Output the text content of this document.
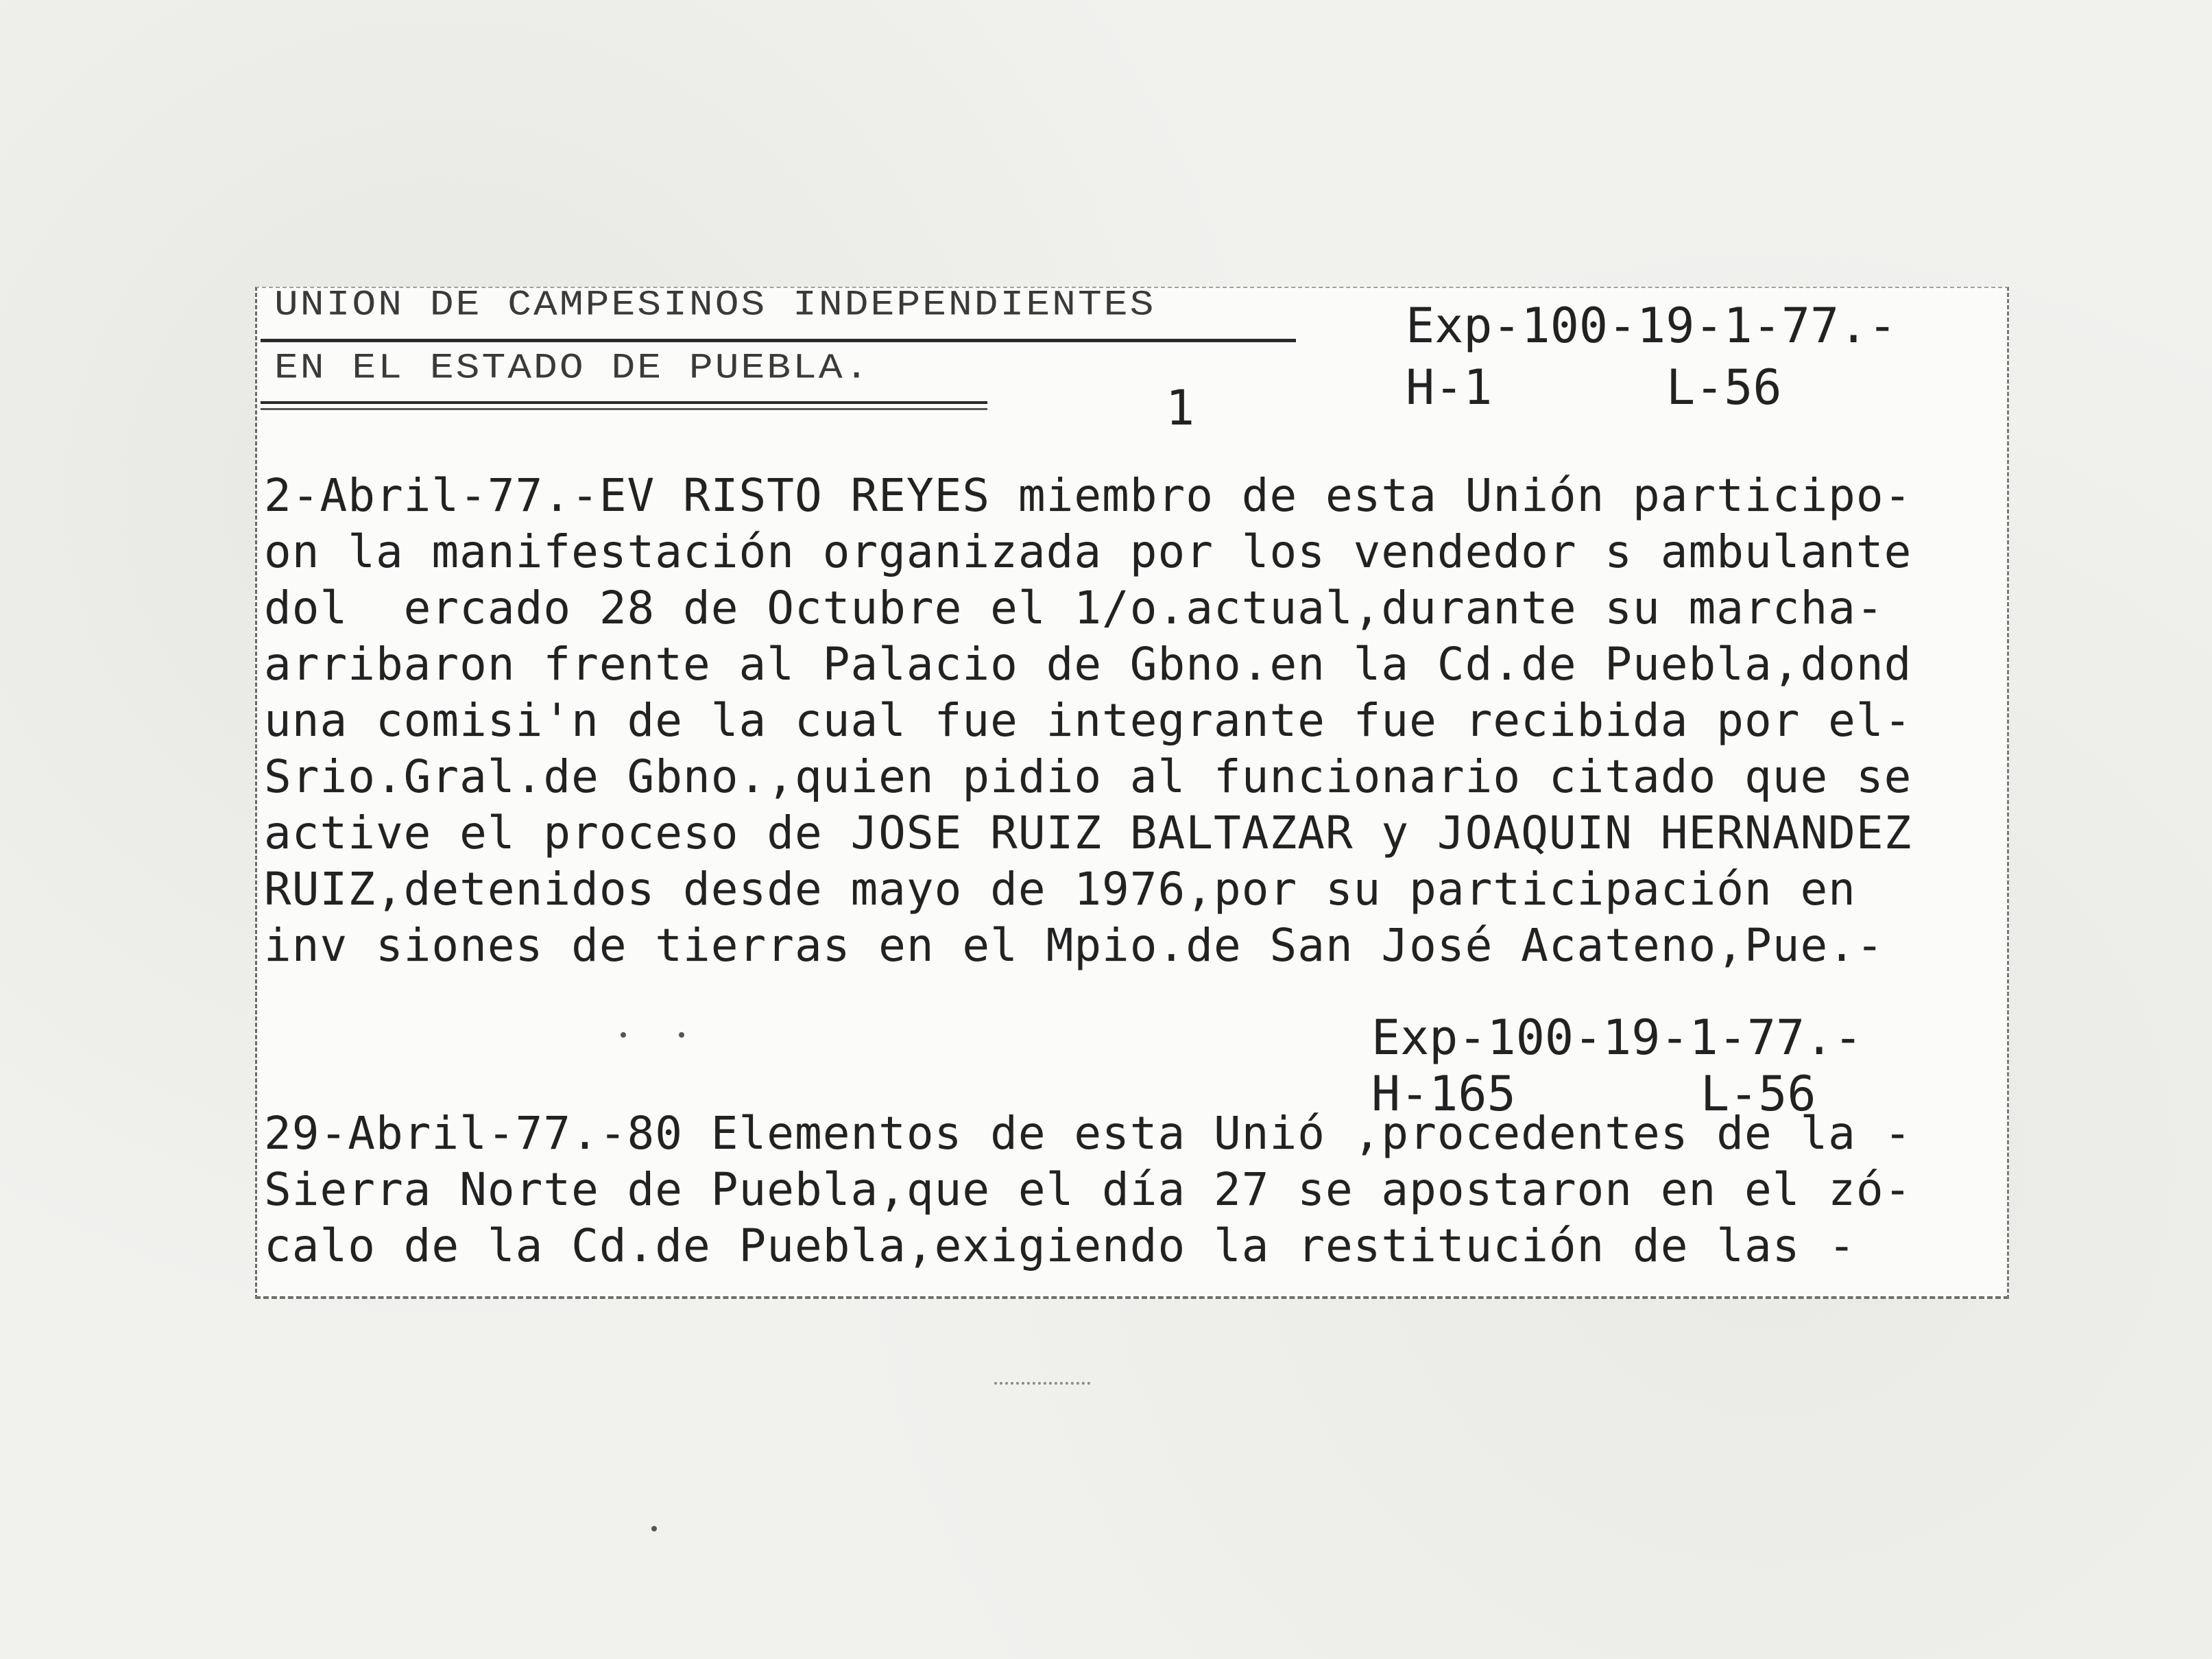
UNION DE CAMPESINOS INDEPENDIENTES
EN EL ESTADO DE PUEBLA.
Exp-100-19-1-77.-
H-1	L-56
1
2-Abril-77.-EV RISTO REYES miembro de esta Unión participo-
on la manifestación organizada por los vendedor s ambulante
dol  ercado 28 de Octubre el 1/o.actual,durante su marcha-
arribaron frente al Palacio de Gbno.en la Cd.de Puebla,dond
una comisi'n de la cual fue integrante fue recibida por el-
Srio.Gral.de Gbno.,quien pidio al funcionario citado que se
active el proceso de JOSE RUIZ BALTAZAR y JOAQUIN HERNANDEZ
RUIZ,detenidos desde mayo de 1976,por su participación en
inv siones de tierras en el Mpio.de San José Acateno,Pue.-
Exp-100-19-1-77.-
H-165	L-56
29-Abril-77.-80 Elementos de esta Unió ,procedentes de la -
Sierra Norte de Puebla,que el día 27 se apostaron en el zó-
calo de la Cd.de Puebla,exigiendo la restitución de las -
